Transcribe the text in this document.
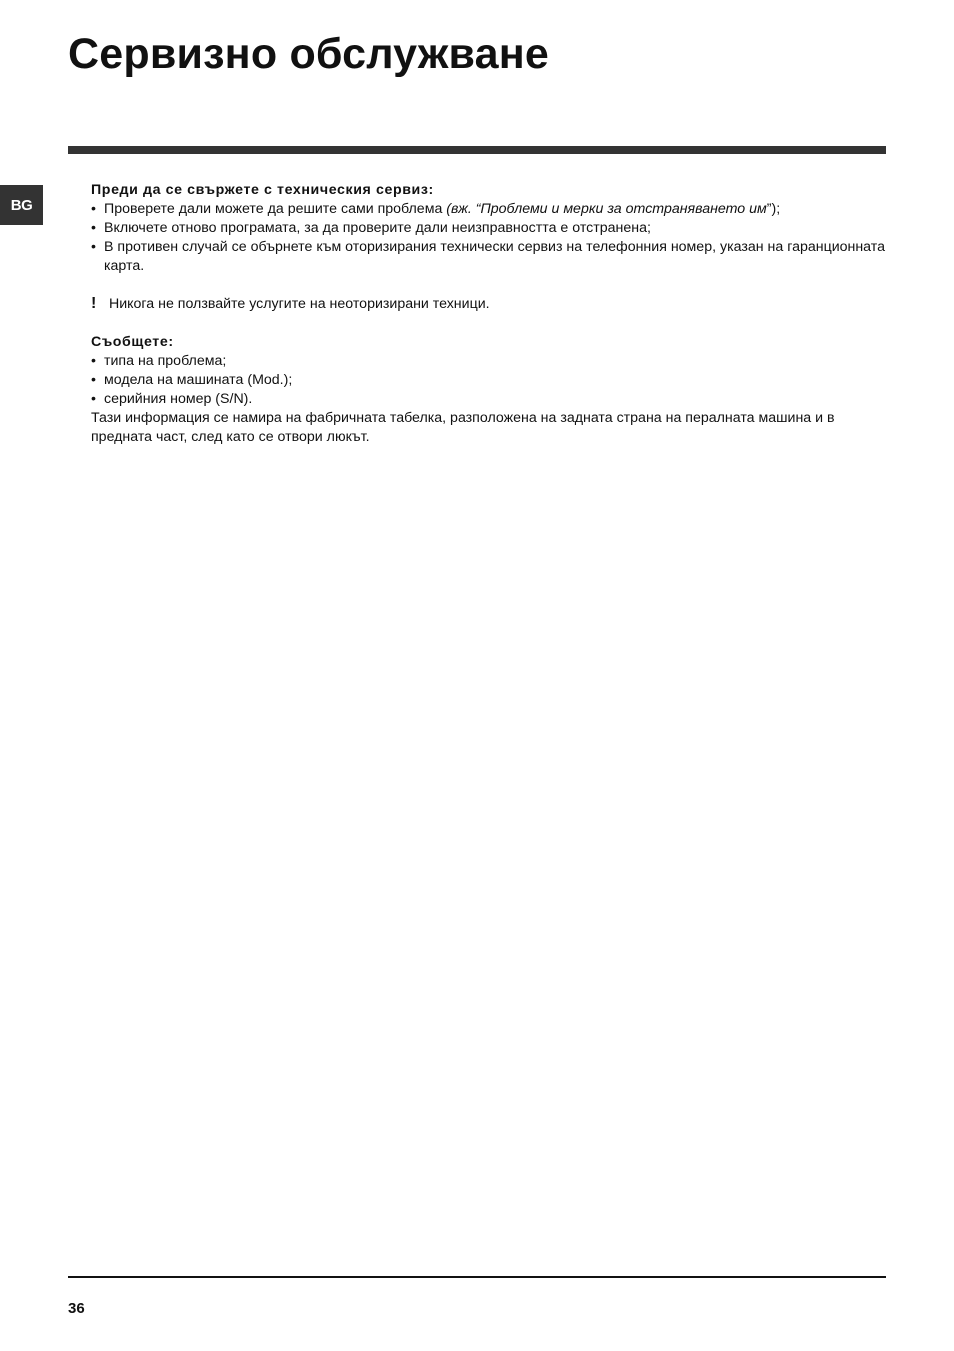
Сервизно обслужване
BG
Преди да се свържете с техническия сервиз:
• Проверете дали можете да решите сами проблема (вж. “Проблеми и мерки за отстраняването им”);
• Включете отново програмата, за да проверите дали неизправността е отстранена;
• В противен случай се обърнете към оторизирания технически сервиз на телефонния номер, указан на гаранционната карта.
! Никога не ползвайте услугите на неоторизирани техници.
Съобщете:
• типа на проблема;
• модела на машината (Mod.);
• серийния номер (S/N).
Тази информация се намира на фабричната табелка, разположена на задната страна на пералната машина и в предната част, след като се отвори люкът.
36
